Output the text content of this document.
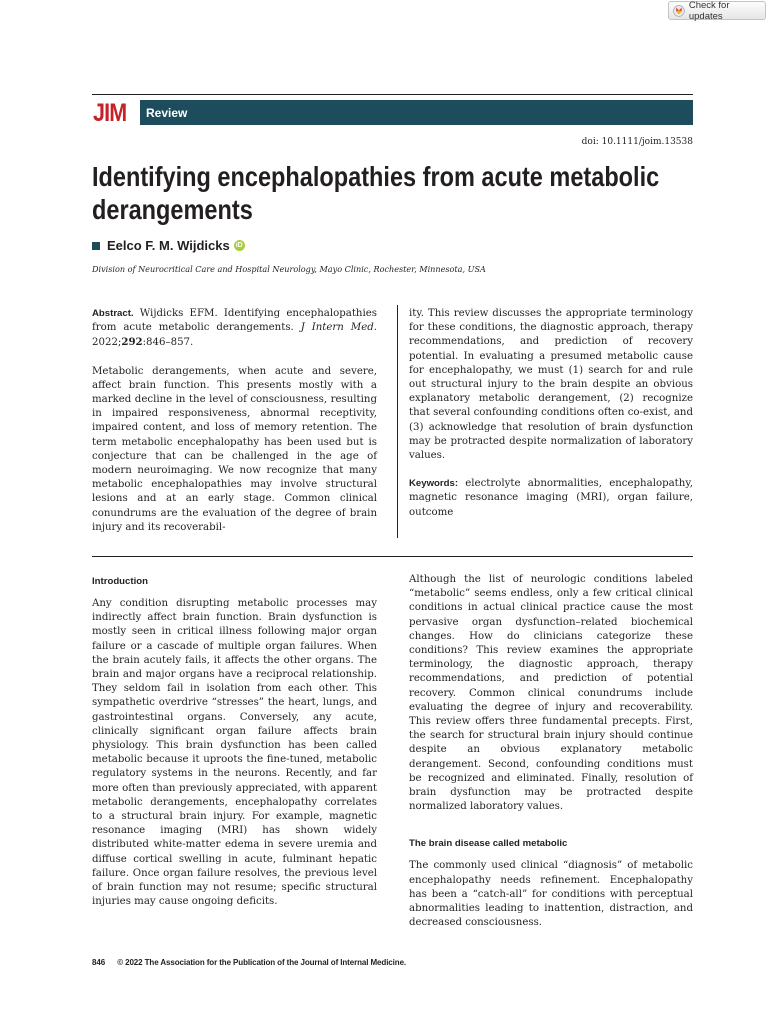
Check for updates
JIM Review
doi: 10.1111/joim.13538
Identifying encephalopathies from acute metabolic derangements
Eelco F. M. Wijdicks iD
Division of Neurocritical Care and Hospital Neurology, Mayo Clinic, Rochester, Minnesota, USA

Abstract. Wijdicks EFM. Identifying encephalopathies from acute metabolic derangements. J Intern Med. 2022;292:846–857.

Metabolic derangements, when acute and severe, affect brain function. This presents mostly with a marked decline in the level of consciousness, resulting in impaired responsiveness, abnormal receptivity, impaired content, and loss of memory retention. The term metabolic encephalopathy has been used but is conjecture that can be challenged in the age of modern neuroimaging. We now recognize that many metabolic encephalopathies may involve structural lesions and at an early stage. Common clinical conundrums are the evaluation of the degree of brain injury and its recoverabil-

ity. This review discusses the appropriate terminology for these conditions, the diagnostic approach, therapy recommendations, and prediction of recovery potential. In evaluating a presumed metabolic cause for encephalopathy, we must (1) search for and rule out structural injury to the brain despite an obvious explanatory metabolic derangement, (2) recognize that several confounding conditions often co-exist, and (3) acknowledge that resolution of brain dysfunction may be protracted despite normalization of laboratory values.

Keywords: electrolyte abnormalities, encephalopathy, magnetic resonance imaging (MRI), organ failure, outcome

Introduction

Any condition disrupting metabolic processes may indirectly affect brain function. Brain dysfunction is mostly seen in critical illness following major organ failure or a cascade of multiple organ failures. When the brain acutely fails, it affects the other organs. The brain and major organs have a reciprocal relationship. They seldom fail in isolation from each other. This sympathetic overdrive “stresses” the heart, lungs, and gastrointestinal organs. Conversely, any acute, clinically significant organ failure affects brain physiology. This brain dysfunction has been called metabolic because it uproots the fine-tuned, metabolic regulatory systems in the neurons. Recently, and far more often than previously appreciated, with apparent metabolic derangements, encephalopathy correlates to a structural brain injury. For example, magnetic resonance imaging (MRI) has shown widely distributed white-matter edema in severe uremia and diffuse cortical swelling in acute, fulminant hepatic failure. Once organ failure resolves, the previous level of brain function may not resume; specific structural injuries may cause ongoing deficits.

Although the list of neurologic conditions labeled “metabolic” seems endless, only a few critical clinical conditions in actual clinical practice cause the most pervasive organ dysfunction–related biochemical changes. How do clinicians categorize these conditions? This review examines the appropriate terminology, the diagnostic approach, therapy recommendations, and prediction of potential recovery. Common clinical conundrums include evaluating the degree of injury and recoverability. This review offers three fundamental precepts. First, the search for structural brain injury should continue despite an obvious explanatory metabolic derangement. Second, confounding conditions must be recognized and eliminated. Finally, resolution of brain dysfunction may be protracted despite normalized laboratory values.

The brain disease called metabolic

The commonly used clinical “diagnosis” of metabolic encephalopathy needs refinement. Encephalopathy has been a “catch-all” for conditions with perceptual abnormalities leading to inattention, distraction, and decreased consciousness.

846 © 2022 The Association for the Publication of the Journal of Internal Medicine.
